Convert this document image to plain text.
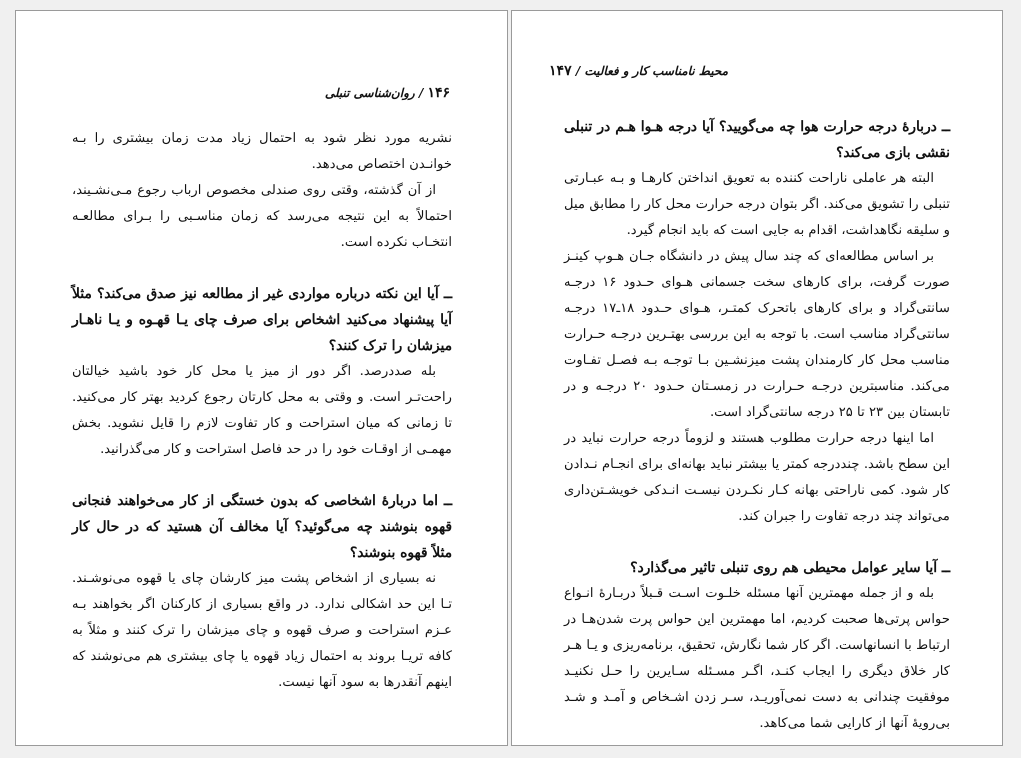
۱۴۶ / روان‌شناسی تنبلی

نشریه مورد نظر شود به احتمال زیاد مدت زمان بیشتری را بـه خوانـدن اختصاص می‌دهد.

از آن گذشته، وقتی روی صندلی مخصوص ارباب رجوع مـی‌نشـیند، احتمالاً به این نتیجه می‌رسد که زمان مناسـبی را بـرای مطالعـه انتخـاب نکرده است.

ــ آیا این نکته درباره مواردی غیر از مطالعه نیز صدق می‌کند؟ مثلاً آیا پیشنهاد می‌کنید اشخاص برای صرف چای یـا قهـوه و یـا ناهـار میزشان را ترک کنند؟

بله صددرصد. اگر دور از میز یا محل کار خود باشید خیالتان راحت‌تـر است. و وقتی به محل کارتان رجوع کردید بهتر کار می‌کنید. تا زمانی که میان استراحت و کار تفاوت لازم را قایل نشوید. بخش مهمـی از اوقـات خود را در حد فاصل استراحت و کار می‌گذرانید.

ــ اما دربارهٔ اشخاصی که بدون خستگی از کار می‌خواهند فنجانی قهوه بنوشند چه می‌گوئید؟ آیا مخالف آن هستید که در حال کار مثلاً قهوه بنوشند؟

نه بسیاری از اشخاص پشت میز کارشان چای یا قهوه می‌نوشـند. تـا این حد اشکالی ندارد. در واقع بسیاری از کارکنان اگر بخواهند بـه عـزم استراحت و صرف قهوه و چای میزشان را ترک کنند و مثلاً به کافه تریـا بروند به احتمال زیاد قهوه یا چای بیشتری هم می‌نوشند که اینهم آنقدرها به سود آنها نیست.

محیط نامناسب کار و فعالیت / ۱۴۷

ــ دربارهٔ درجه حرارت هوا چه می‌گویید؟ آیا درجه هـوا هـم در تنبلی نقشی بازی می‌کند؟

البته هر عاملی ناراحت کننده به تعویق انداختن کارهـا و بـه عبـارتی تنبلی را تشویق می‌کند. اگر بتوان درجه حرارت محل کار را مطابق میل و سلیقه نگاهداشت، اقدام به جایی است که باید انجام گیرد.

بر اساس مطالعه‌ای که چند سال پیش در دانشگاه جـان هـوپ کینـز صورت گرفت، برای کارهای سخت جسمانی هـوای حـدود ۱۶ درجـه سانتی‌گراد و برای کارهای باتحرک کمتـر، هـوای حـدود ۱۸ـ۱۷ درجـه سانتی‌گراد مناسب است. با توجه به این بررسی بهتـرین درجـه حـرارت مناسب محل کار کارمندان پشت میزنشـین بـا توجـه بـه فصـل تفـاوت می‌کند. مناسبترین درجـه حـرارت در زمسـتان حـدود ۲۰ درجـه و در تابستان بین ۲۳ تا ۲۵ درجه سانتی‌گراد است.

اما اینها درجه حرارت مطلوب هستند و لزوماً درجه حرارت نباید در این سطح باشد. چنددرجه کمتر یا بیشتر نباید بهانه‌ای برای انجـام نـدادن کار شود. کمی ناراحتی بهانه کـار نکـردن نیسـت انـدکی خویشـتن‌داری می‌تواند چند درجه تفاوت را جبران کند.

ــ آیا سایر عوامل محیطی هم روی تنبلی تاثیر می‌گذارد؟

بله و از جمله مهمترین آنها مسئله خلـوت اسـت قـبلاً دربـارهٔ انـواع حواس پرتی‌ها صحبت کردیم، اما مهمترین این حواس پرت شدن‌هـا در ارتباط با انسانهاست. اگر کار شما نگارش، تحقیق، برنامه‌ریزی و یـا هـر کار خلاق دیگری را ایجاب کنـد، اگـر مسـئله سـایرین را حـل نکنیـد موفقیت چندانی به دست نمی‌آوریـد، سـر زدن اشـخاص و آمـد و شـد بی‌رویهٔ آنها از کارایی شما می‌کاهد.
